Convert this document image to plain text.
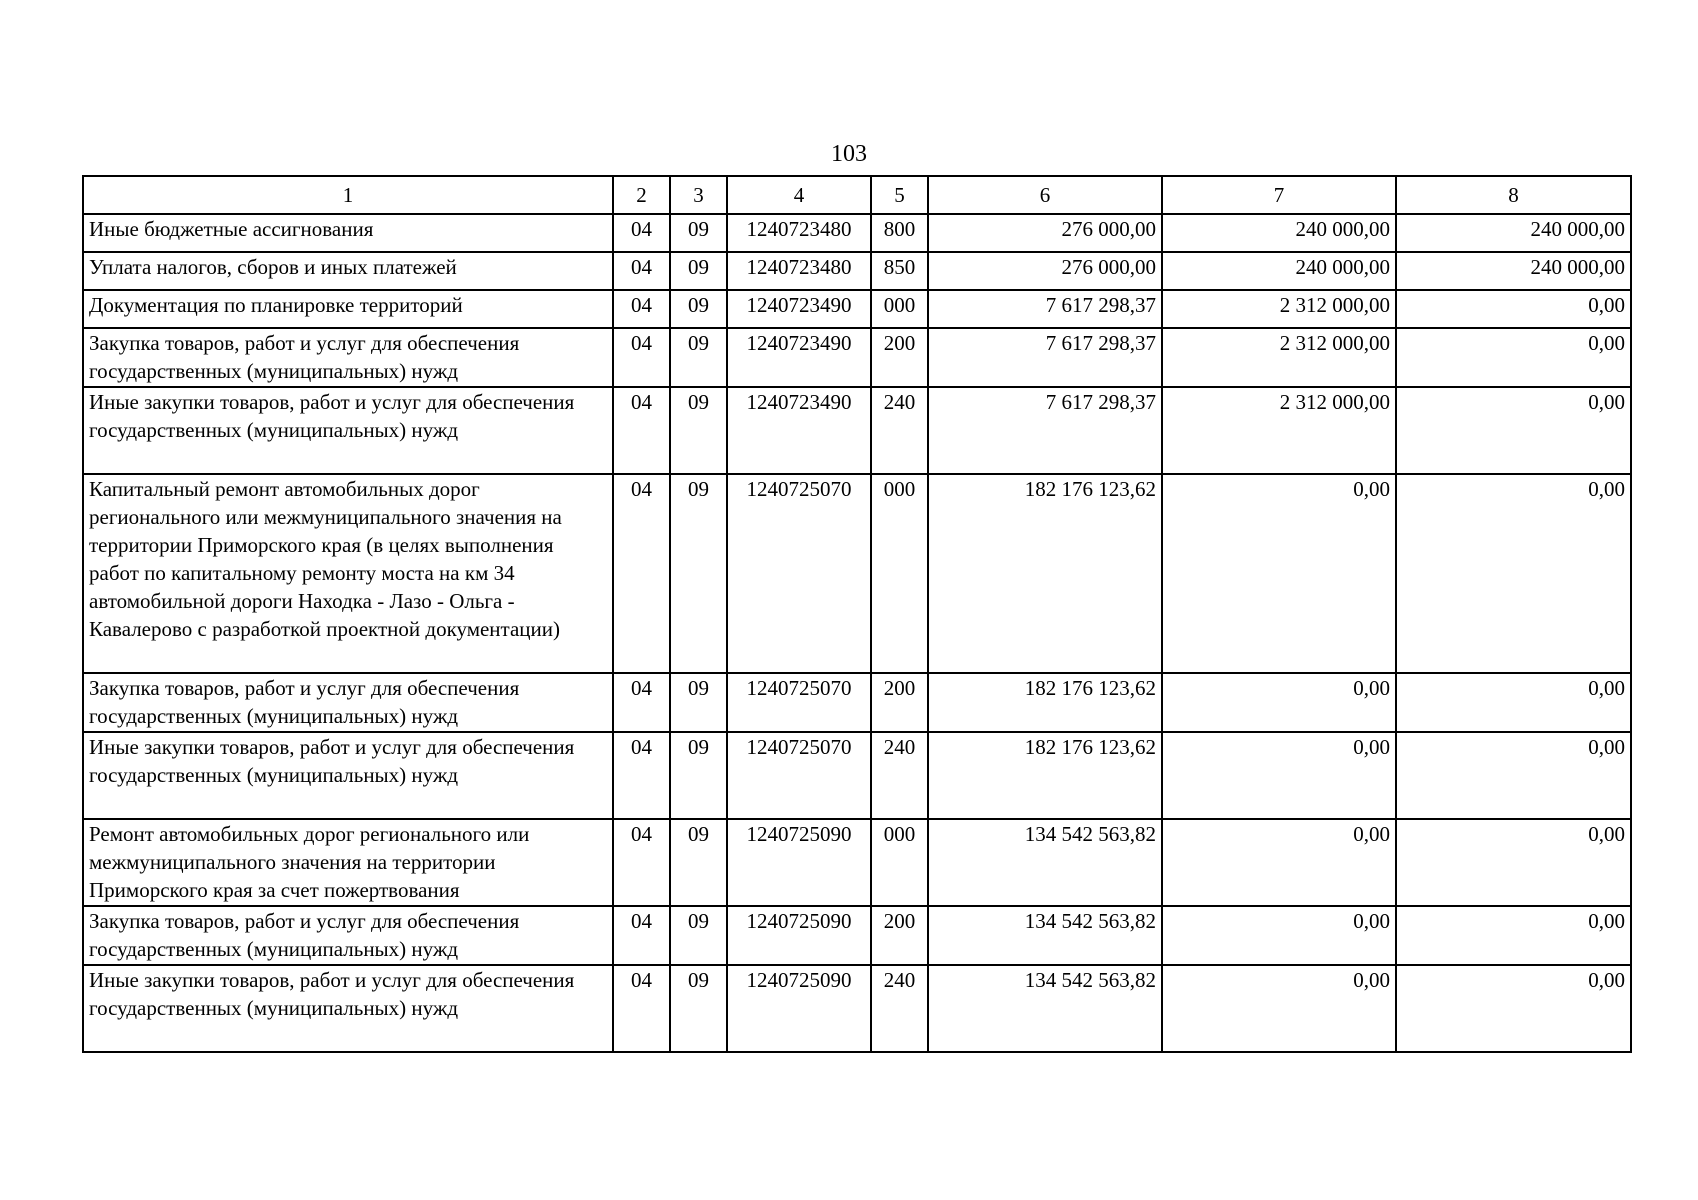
103
1	2	3	4	5	6	7	8
Иные бюджетные ассигнования	04	09	1240723480	800	276 000,00	240 000,00	240 000,00
Уплата налогов, сборов и иных платежей	04	09	1240723480	850	276 000,00	240 000,00	240 000,00
Документация по планировке территорий	04	09	1240723490	000	7 617 298,37	2 312 000,00	0,00
Закупка товаров, работ и услуг для обеспечения государственных (муниципальных) нужд	04	09	1240723490	200	7 617 298,37	2 312 000,00	0,00
Иные закупки товаров, работ и услуг для обеспечения государственных (муниципальных) нужд	04	09	1240723490	240	7 617 298,37	2 312 000,00	0,00
Капитальный ремонт автомобильных дорог регионального или межмуниципального значения на территории Приморского края (в целях выполнения работ по капитальному ремонту моста на км 34 автомобильной дороги Находка - Лазо - Ольга - Кавалерово с разработкой проектной документации)	04	09	1240725070	000	182 176 123,62	0,00	0,00
Закупка товаров, работ и услуг для обеспечения государственных (муниципальных) нужд	04	09	1240725070	200	182 176 123,62	0,00	0,00
Иные закупки товаров, работ и услуг для обеспечения государственных (муниципальных) нужд	04	09	1240725070	240	182 176 123,62	0,00	0,00
Ремонт автомобильных дорог регионального или межмуниципального значения на территории Приморского края за счет пожертвования	04	09	1240725090	000	134 542 563,82	0,00	0,00
Закупка товаров, работ и услуг для обеспечения государственных (муниципальных) нужд	04	09	1240725090	200	134 542 563,82	0,00	0,00
Иные закупки товаров, работ и услуг для обеспечения государственных (муниципальных) нужд	04	09	1240725090	240	134 542 563,82	0,00	0,00
